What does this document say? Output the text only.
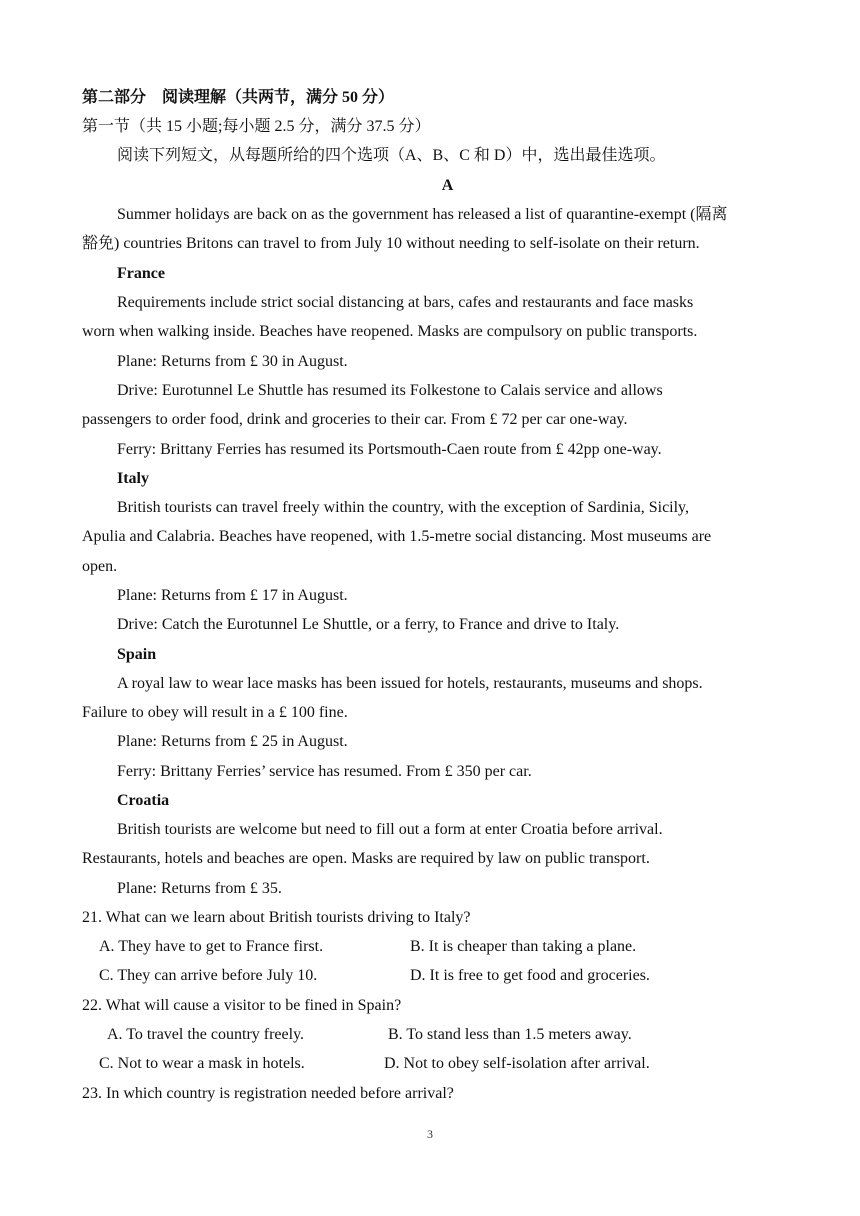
第二部分　阅读理解（共两节，满分 50 分）
第一节（共 15 小题;每小题 2.5 分，满分 37.5 分）
阅读下列短文，从每题所给的四个选项（A、B、C 和 D）中，选出最佳选项。
A
Summer holidays are back on as the government has released a list of quarantine-exempt (隔离
豁免) countries Britons can travel to from July 10 without needing to self-isolate on their return.
France
Requirements include strict social distancing at bars, cafes and restaurants and face masks
worn when walking inside. Beaches have reopened. Masks are compulsory on public transports.
Plane: Returns from £ 30 in August.
Drive: Eurotunnel Le Shuttle has resumed its Folkestone to Calais service and allows
passengers to order food, drink and groceries to their car. From £ 72 per car one-way.
Ferry: Brittany Ferries has resumed its Portsmouth-Caen route from £ 42pp one-way.
Italy
British tourists can travel freely within the country, with the exception of Sardinia, Sicily,
Apulia and Calabria. Beaches have reopened, with 1.5-metre social distancing. Most museums are
open.
Plane: Returns from £ 17 in August.
Drive: Catch the Eurotunnel Le Shuttle, or a ferry, to France and drive to Italy.
Spain
A royal law to wear lace masks has been issued for hotels, restaurants, museums and shops.
Failure to obey will result in a £ 100 fine.
Plane: Returns from £ 25 in August.
Ferry: Brittany Ferries’ service has resumed. From £ 350 per car.
Croatia
British tourists are welcome but need to fill out a form at enter Croatia before arrival.
Restaurants, hotels and beaches are open. Masks are required by law on public transport.
Plane: Returns from £ 35.
21. What can we learn about British tourists driving to Italy?
A. They have to get to France first.	B. It is cheaper than taking a plane.
C. They can arrive before July 10.	D. It is free to get food and groceries.
22. What will cause a visitor to be fined in Spain?
A. To travel the country freely.	B. To stand less than 1.5 meters away.
C. Not to wear a mask in hotels.	D. Not to obey self-isolation after arrival.
23. In which country is registration needed before arrival?
3
